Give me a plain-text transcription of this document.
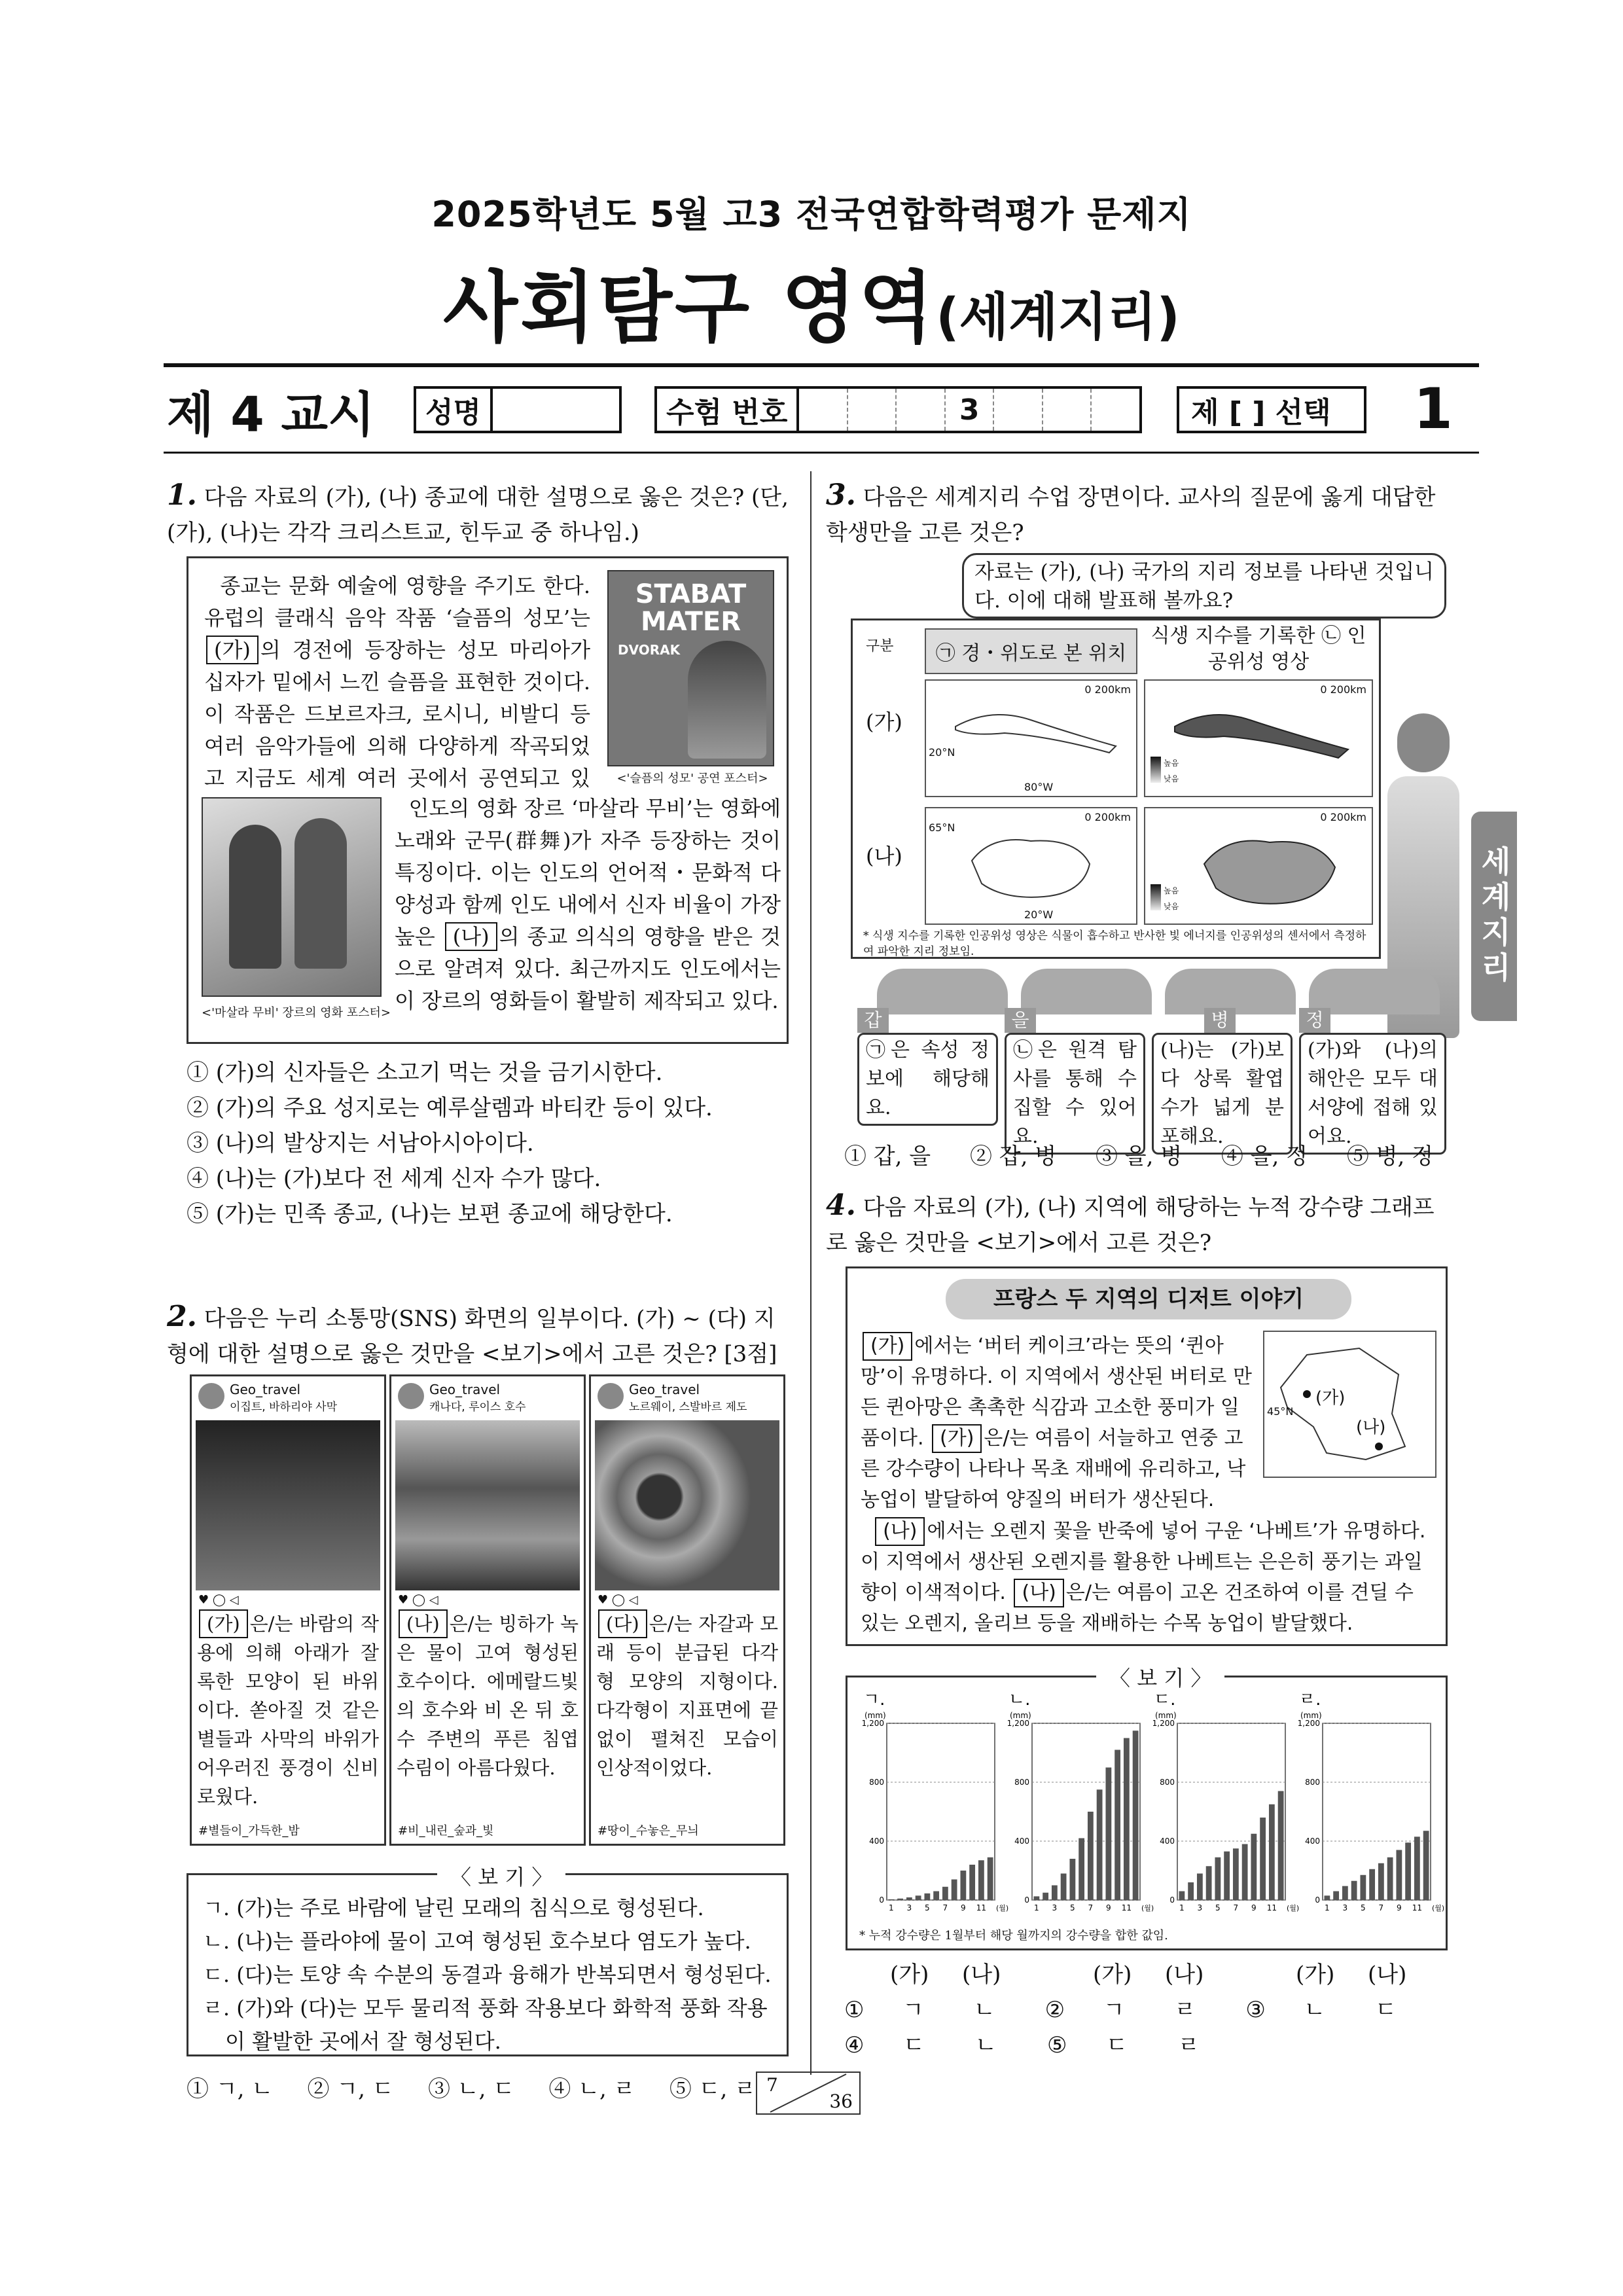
2025학년도 5월 고3 전국연합학력평가 문제지
사회탐구 영역(세계지리)
제 4 교시	성명	수험 번호	3	제 [ ] 선택	1
세계지리
1. 다음 자료의 (가), (나) 종교에 대한 설명으로 옳은 것은? (단, (가), (나)는 각각 크리스트교, 힌두교 중 하나임.)
종교는 문화 예술에 영향을 주기도 한다. 유럽의 클래식 음악 작품 ‘슬픔의 성모’는 (가) 의 경전에 등장하는 성모 마리아가 십자가 밑에서 느낀 슬픔을 표현한 것이다. 이 작품은 드보르자크, 로시니, 비발디 등 여러 음악가들에 의해 다양하게 작곡되었고 지금도 세계 여러 곳에서 공연되고 있
STABAT MATER
DVORAK
<'슬픔의 성모' 공연 포스터>
<'마살라 무비' 장르의 영화 포스터>
인도의 영화 장르 ‘마살라 무비’는 영화에 노래와 군무(群舞)가 자주 등장하는 것이 특징이다. 이는 인도의 언어적・문화적 다양성과 함께 인도 내에서 신자 비율이 가장 높은 (나) 의 종교 의식의 영향을 받은 것으로 알려져 있다. 최근까지도 인도에서는 이 장르의 영화들이 활발히 제작되고 있다.
① (가)의 신자들은 소고기 먹는 것을 금기시한다.
② (가)의 주요 성지로는 예루살렘과 바티칸 등이 있다.
③ (나)의 발상지는 서남아시아이다.
④ (나)는 (가)보다 전 세계 신자 수가 많다.
⑤ (가)는 민족 종교, (나)는 보편 종교에 해당한다.
2. 다음은 누리 소통망(SNS) 화면의 일부이다. (가) ~ (다) 지형에 대한 설명으로 옳은 것만을 <보기>에서 고른 것은? [3점]
Geo_travel
이집트, 바하리야 사막
♥ ◯ ◁
(가) 은/는 바람의 작용에 의해 아래가 잘록한 모양이 된 바위이다. 쏟아질 것 같은 별들과 사막의 바위가 어우러진 풍경이 신비로웠다.
#별들이_가득한_밤
Geo_travel
캐나다, 루이스 호수
♥ ◯ ◁
(나) 은/는 빙하가 녹은 물이 고여 형성된 호수이다. 에메랄드빛의 호수와 비 온 뒤 호수 주변의 푸른 침엽수림이 아름다웠다.
#비_내린_숲과_빛
Geo_travel
노르웨이, 스발바르 제도
♥ ◯ ◁
(다) 은/는 자갈과 모래 등이 분급된 다각형 모양의 지형이다. 다각형이 지표면에 끝없이 펼쳐진 모습이 인상적이었다.
#땅이_수놓은_무늬
〈 보 기 〉
ㄱ. (가)는 주로 바람에 날린 모래의 침식으로 형성된다.
ㄴ. (나)는 플라야에 물이 고여 형성된 호수보다 염도가 높다.
ㄷ. (다)는 토양 속 수분의 동결과 융해가 반복되면서 형성된다.
ㄹ. (가)와 (다)는 모두 물리적 풍화 작용보다 화학적 풍화 작용이 활발한 곳에서 잘 형성된다.
① ㄱ, ㄴ ② ㄱ, ㄷ ③ ㄴ, ㄷ ④ ㄴ, ㄹ ⑤ ㄷ, ㄹ
3. 다음은 세계지리 수업 장면이다. 교사의 질문에 옳게 대답한 학생만을 고른 것은?
자료는 (가), (나) 국가의 지리 정보를 나타낸 것입니다. 이에 대해 발표해 볼까요?
구분	㉠ 경・위도로 본 위치
식생 지수를 기록한 ㉡ 인공위성 영상
(가)
0 200km
20°N
80°W
0 200km
높음
낮음
(나)
0 200km
65°N
20°W
0 200km
높음
낮음
* 식생 지수를 기록한 인공위성 영상은 식물이 흡수하고 반사한 빛 에너지를 인공위성의 센서에서 측정하여 파악한 지리 정보임.
갑
㉠은 속성 정보에 해당해요.
을
㉡은 원격 탐사를 통해 수집할 수 있어요.
병
(나)는 (가)보다 상록 활엽수가 넓게 분포해요.
정
(가)와 (나)의 해안은 모두 대서양에 접해 있어요.
① 갑, 을 ② 갑, 병 ③ 을, 병 ④ 을, 정 ⑤ 병, 정
4. 다음 자료의 (가), (나) 지역에 해당하는 누적 강수량 그래프로 옳은 것만을 <보기>에서 고른 것은?
프랑스 두 지역의 디저트 이야기
(가) 에서는 ‘버터 케이크’라는 뜻의 ‘퀸아망’이 유명하다. 이 지역에서 생산된 버터로 만든 퀸아망은 촉촉한 식감과 고소한 풍미가 일품이다. (가) 은/는 여름이 서늘하고 연중 고른 강수량이 나타나 목초 재배에 유리하고, 낙농업이 발달하여 양질의 버터가 생산된다.
(가)
(나)
45°N
(나) 에서는 오렌지 꽃을 반죽에 넣어 구운 ‘나베트’가 유명하다. 이 지역에서 생산된 오렌지를 활용한 나베트는 은은히 풍기는 과일 향이 이색적이다. (나) 은/는 여름이 고온 건조하여 이를 견딜 수 있는 오렌지, 올리브 등을 재배하는 수목 농업이 발달했다.
〈 보 기 〉
ㄱ.
(mm)
0
400
800
1,200
1 3 5 7 9 11 (월)
ㄴ.
(mm)
0
400
800
1,200
1 3 5 7 9 11 (월)
ㄷ.
(mm)
0
400
800
1,200
1 3 5 7 9 11 (월)
ㄹ.
(mm)
0
400
800
1,200
1 3 5 7 9 11 (월)
* 누적 강수량은 1월부터 해당 월까지의 강수량을 합한 값임.
(가)	(나)	(가)	(나)	(가)	(나)
①	ㄱ	ㄴ	②	ㄱ	ㄹ	③	ㄴ	ㄷ
④	ㄷ	ㄴ	⑤	ㄷ	ㄹ
7
36
